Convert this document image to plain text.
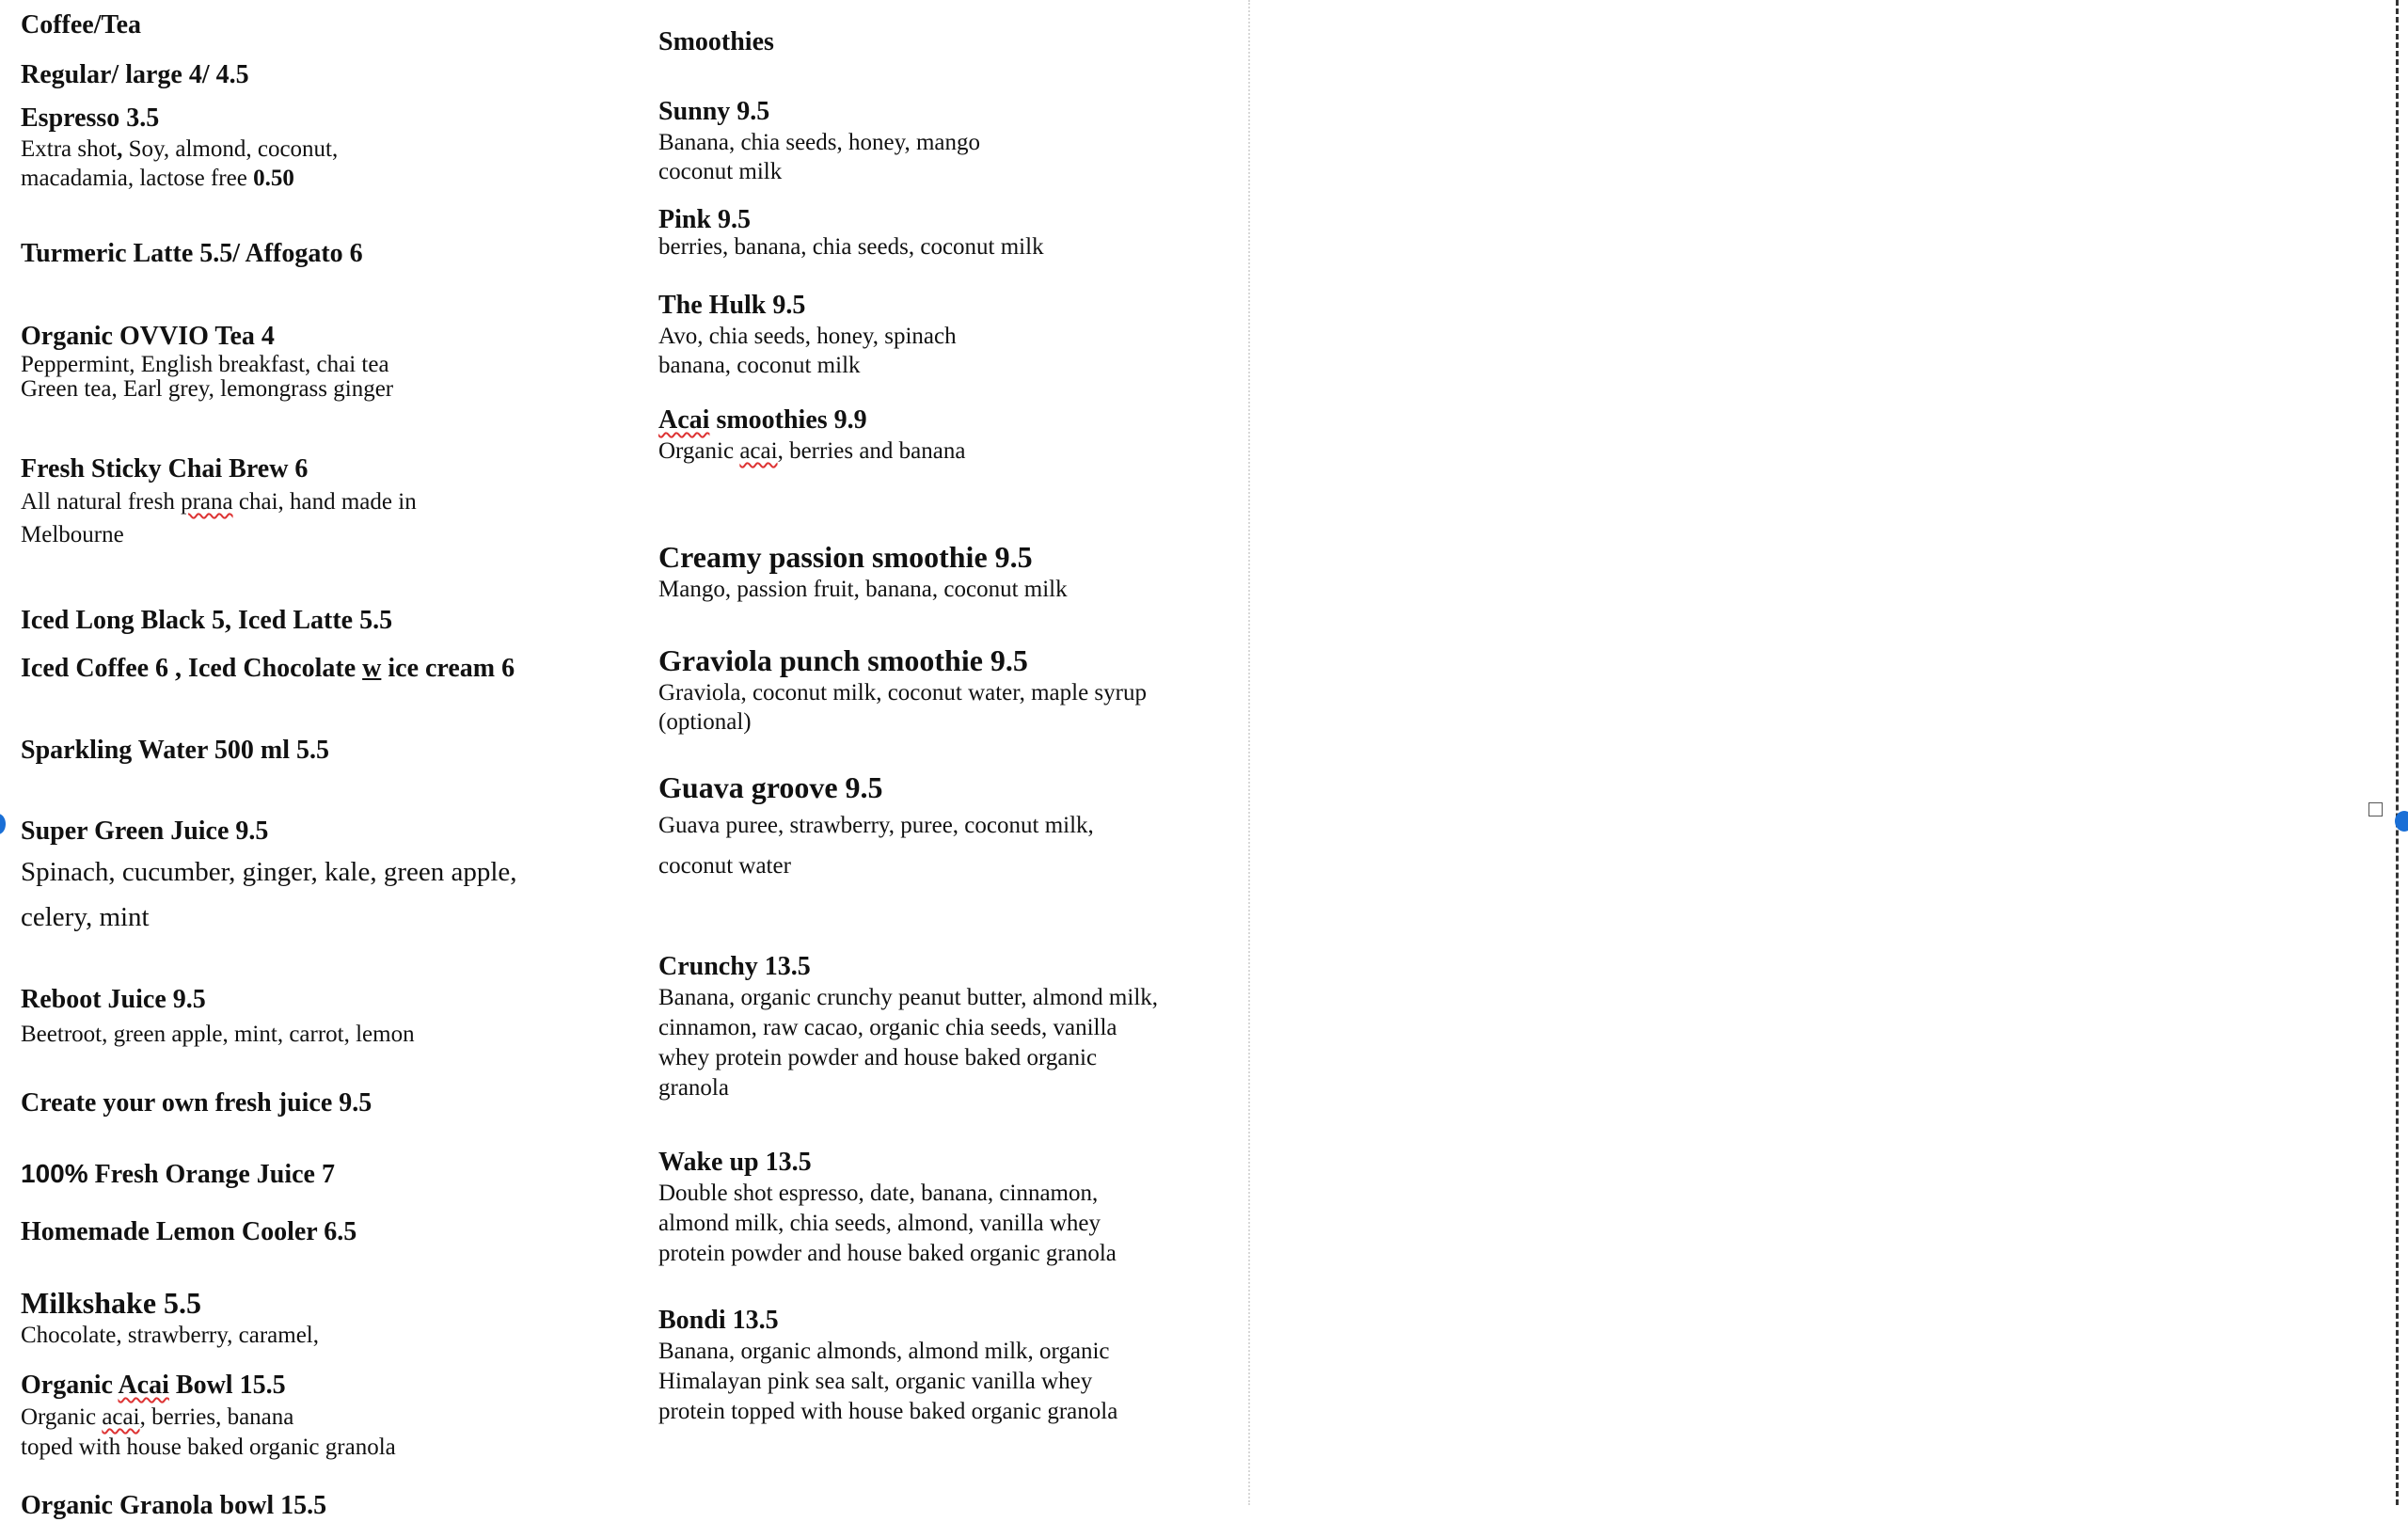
Coffee/Tea

Regular/ large 4/ 4.5

Espresso 3.5

Extra shot, Soy, almond, coconut,

macadamia, lactose free 0.50

Turmeric Latte 5.5/ Affogato 6

Organic OVVIO Tea 4

Peppermint, English breakfast, chai tea

Green tea, Earl grey, lemongrass ginger

Fresh Sticky Chai Brew 6

All natural fresh prana chai, hand made in

Melbourne

Iced Long Black 5, Iced Latte 5.5

Iced Coffee 6 , Iced Chocolate w ice cream 6

Sparkling Water 500 ml 5.5

Super Green Juice 9.5

Spinach, cucumber, ginger, kale, green apple,

celery, mint

Reboot Juice 9.5

Beetroot, green apple, mint, carrot, lemon

Create your own fresh juice 9.5

100% Fresh Orange Juice 7

Homemade Lemon Cooler 6.5

Milkshake 5.5

Chocolate, strawberry, caramel,

Organic Acai Bowl 15.5

Organic acai, berries, banana

toped with house baked organic granola

Organic Granola bowl 15.5

Smoothies

Sunny 9.5

Banana, chia seeds, honey, mango

coconut milk

Pink 9.5

berries, banana, chia seeds, coconut milk

The Hulk 9.5

Avo, chia seeds, honey, spinach

banana, coconut milk

Acai smoothies 9.9

Organic acai, berries and banana

Creamy passion smoothie 9.5

Mango, passion fruit, banana, coconut milk

Graviola punch smoothie 9.5

Graviola, coconut milk, coconut water, maple syrup

(optional)

Guava groove 9.5

Guava puree, strawberry, puree, coconut milk,

coconut water

Crunchy 13.5

Banana, organic crunchy peanut butter, almond milk,

cinnamon, raw cacao, organic chia seeds, vanilla

whey protein powder and house baked organic

granola

Wake up 13.5

Double shot espresso, date, banana, cinnamon,

almond milk, chia seeds, almond, vanilla whey

protein powder and house baked organic granola

Bondi 13.5

Banana, organic almonds, almond milk, organic

Himalayan pink sea salt, organic vanilla whey

protein topped with house baked organic granola
